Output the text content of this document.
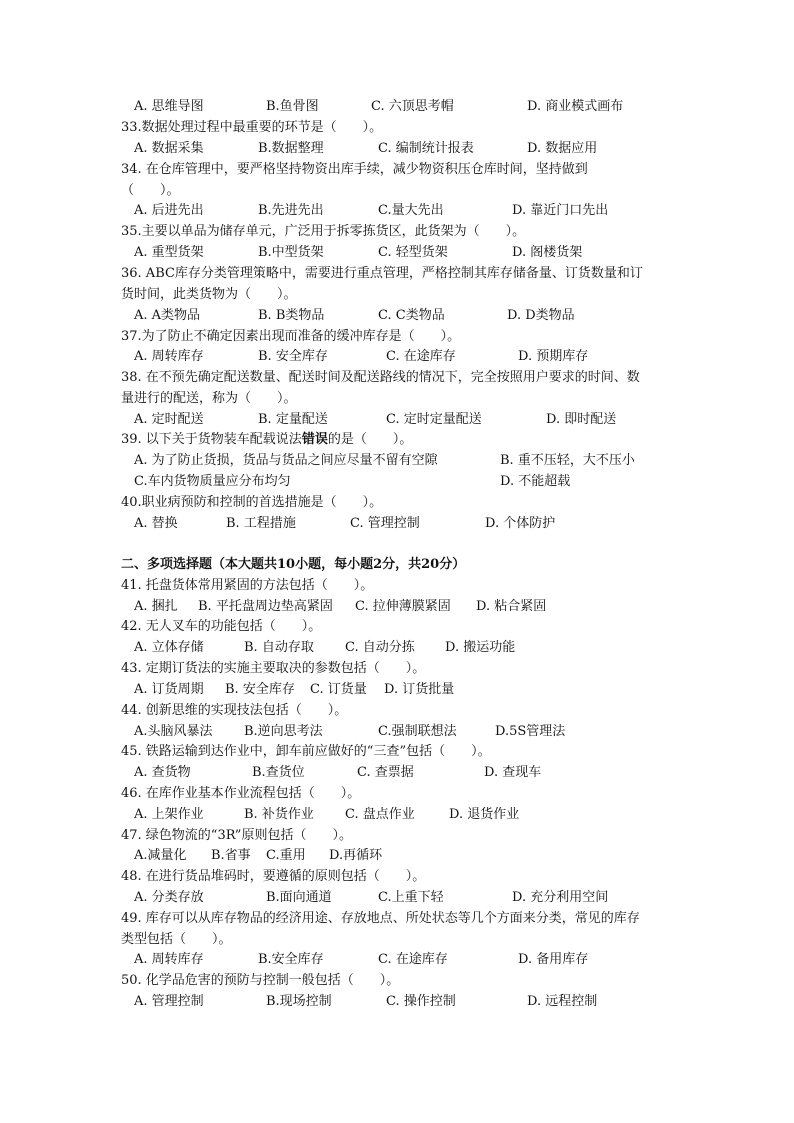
A. 思维导图	B.鱼骨图	C. 六顶思考帽	D. 商业模式画布
33.数据处理过程中最重要的环节是（　　）。
A. 数据采集	B.数据整理	C. 编制统计报表	D. 数据应用
34. 在仓库管理中，要严格坚持物资出库手续，减少物资积压仓库时间，坚持做到
（　　）。
A. 后进先出	B.先进先出	C.量大先出	D. 靠近门口先出
35.主要以单品为储存单元，广泛用于拆零拣货区，此货架为（　　）。
A. 重型货架	B.中型货架	C. 轻型货架	D. 阁楼货架
36. ABC库存分类管理策略中，需要进行重点管理，严格控制其库存储备量、订货数量和订
货时间，此类货物为（　　）。
A. A类物品	B. B类物品	C. C类物品	D. D类物品
37.为了防止不确定因素出现而准备的缓冲库存是（　　）。
A. 周转库存	B. 安全库存	C. 在途库存	D. 预期库存
38. 在不预先确定配送数量、配送时间及配送路线的情况下，完全按照用户要求的时间、数
量进行的配送，称为（　　）。
A. 定时配送	B. 定量配送	C. 定时定量配送	D. 即时配送
39. 以下关于货物装车配载说法错误的是（　　）。
A. 为了防止货损，货品与货品之间应尽量不留有空隙	B. 重不压轻，大不压小
C.车内货物质量应分布均匀	D. 不能超载
40.职业病预防和控制的首选措施是（　　）。
A. 替换	B. 工程措施	C. 管理控制	D. 个体防护
二、多项选择题（本大题共10小题，每小题2分，共20分）
41. 托盘货体常用紧固的方法包括（　　）。
A. 捆扎 B. 平托盘周边垫高紧固 C. 拉伸薄膜紧固 D. 粘合紧固
42. 无人叉车的功能包括（　　）。
A. 立体存储	B. 自动存取 C. 自动分拣 D. 搬运功能
43. 定期订货法的实施主要取决的参数包括（　　）。
A. 订货周期 B. 安全库存 C. 订货量 D. 订货批量
44. 创新思维的实现技法包括（　　）。
A.头脑风暴法 B.逆向思考法	C.强制联想法	D.5S管理法
45. 铁路运输到达作业中，卸车前应做好的“三查”包括（　　）。
A. 查货物	B.查货位	C. 查票据	D. 查现车
46. 在库作业基本作业流程包括（　　）。
A. 上架作业	B. 补货作业 C. 盘点作业	D. 退货作业
47. 绿色物流的“3R”原则包括（　　）。
A.减量化 B.省事 C.重用 D.再循环
48. 在进行货品堆码时，要遵循的原则包括（　　）。
A. 分类存放	B.面向通道	C.上重下轻	D. 充分利用空间
49. 库存可以从库存物品的经济用途、存放地点、所处状态等几个方面来分类，常见的库存
类型包括（　　）。
A. 周转库存	B.安全库存	C. 在途库存	D. 备用库存
50. 化学品危害的预防与控制一般包括（　　）。
A. 管理控制	B.现场控制	C. 操作控制	D. 远程控制
